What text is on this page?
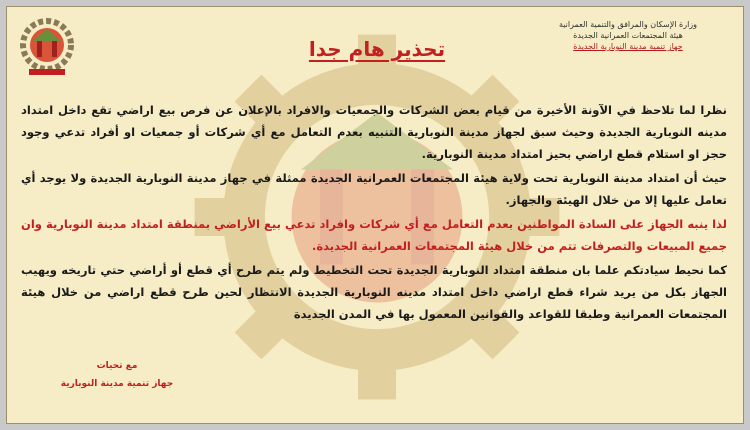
وزارة الإسكان والمرافق والتنمية العمرانية
هيئة المجتمعات العمرانية الجديدة
جهاز تنمية مدينة النوبارية الجديدة
تحذير هام جدا

نظرا لما تلاحظ في الآونة الأخيرة من قيام بعض الشركات والجمعيات والافراد بالإعلان عن فرص بيع اراضي تقع داخل امتداد مدينه النوبارية الجديدة وحيث سبق لجهاز مدينة النوبارية التنبيه بعدم التعامل مع أي شركات أو جمعيات او أفراد تدعي وجود حجز او استلام قطع اراضي بحيز امتداد مدينة النوبارية.

حيث أن امتداد مدينة النوبارية تحت ولاية هيئة المجتمعات العمرانية الجديدة ممثلة في جهاز مدينة النوبارية الجديدة ولا يوجد أي تعامل عليها إلا من خلال الهيئة والجهاز.

لذا ينبه الجهاز على السادة المواطنين بعدم التعامل مع أي شركات وافراد تدعي بيع الأراضي بمنطقة امتداد مدينة النوبارية وان جميع المبيعات والتصرفات تتم من خلال هيئة المجتمعات العمرانية الجديدة.

كما نحيط سيادتكم علما بان منطقة امتداد النوبارية الجديدة تحت التخطيط ولم يتم طرح أي قطع أو أراضي حتي تاريخه ويهيب الجهاز بكل من يريد شراء قطع اراضي داخل امتداد مدينه النوبارية الجديدة الانتظار لحين طرح قطع اراضي من خلال هيئة المجتمعات العمرانية وطبقا للقواعد والقوانين المعمول بها في المدن الجديدة

مع تحيات
جهاز تنمية مدينة النوبارية
